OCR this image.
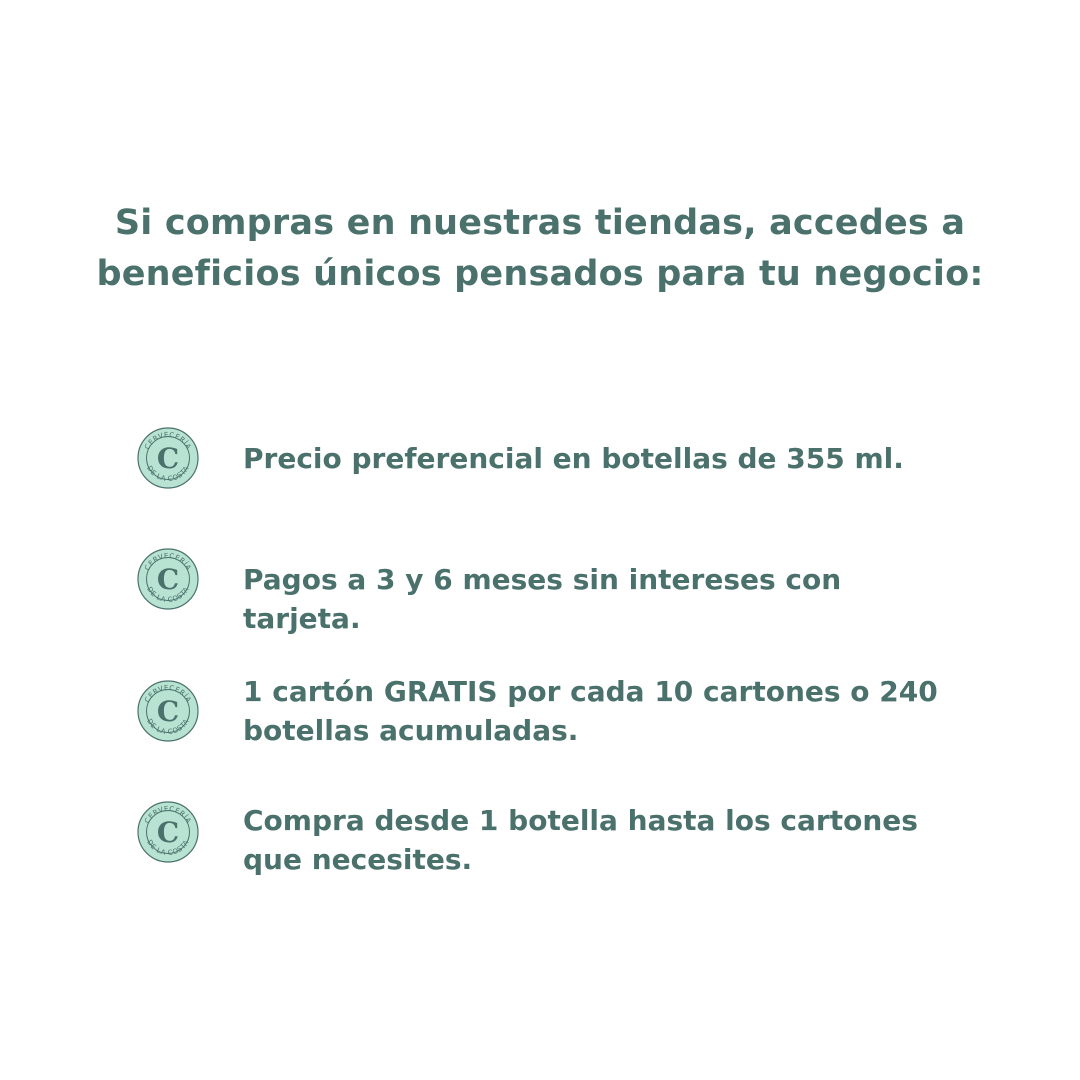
Si compras en nuestras tiendas, accedes a
beneficios únicos pensados para tu negocio:
CERVECERÍA
DE LA COSTA
C Precio preferencial en botellas de 355 ml.
CERVECERÍA
DE LA COSTA
C Pagos a 3 y 6 meses sin intereses con tarjeta.
CERVECERÍA
DE LA COSTA
C
1 cartón GRATIS por cada 10 cartones o 240 botellas acumuladas.
CERVECERÍA
DE LA COSTA
C Compra desde 1 botella hasta los cartones que necesites.
